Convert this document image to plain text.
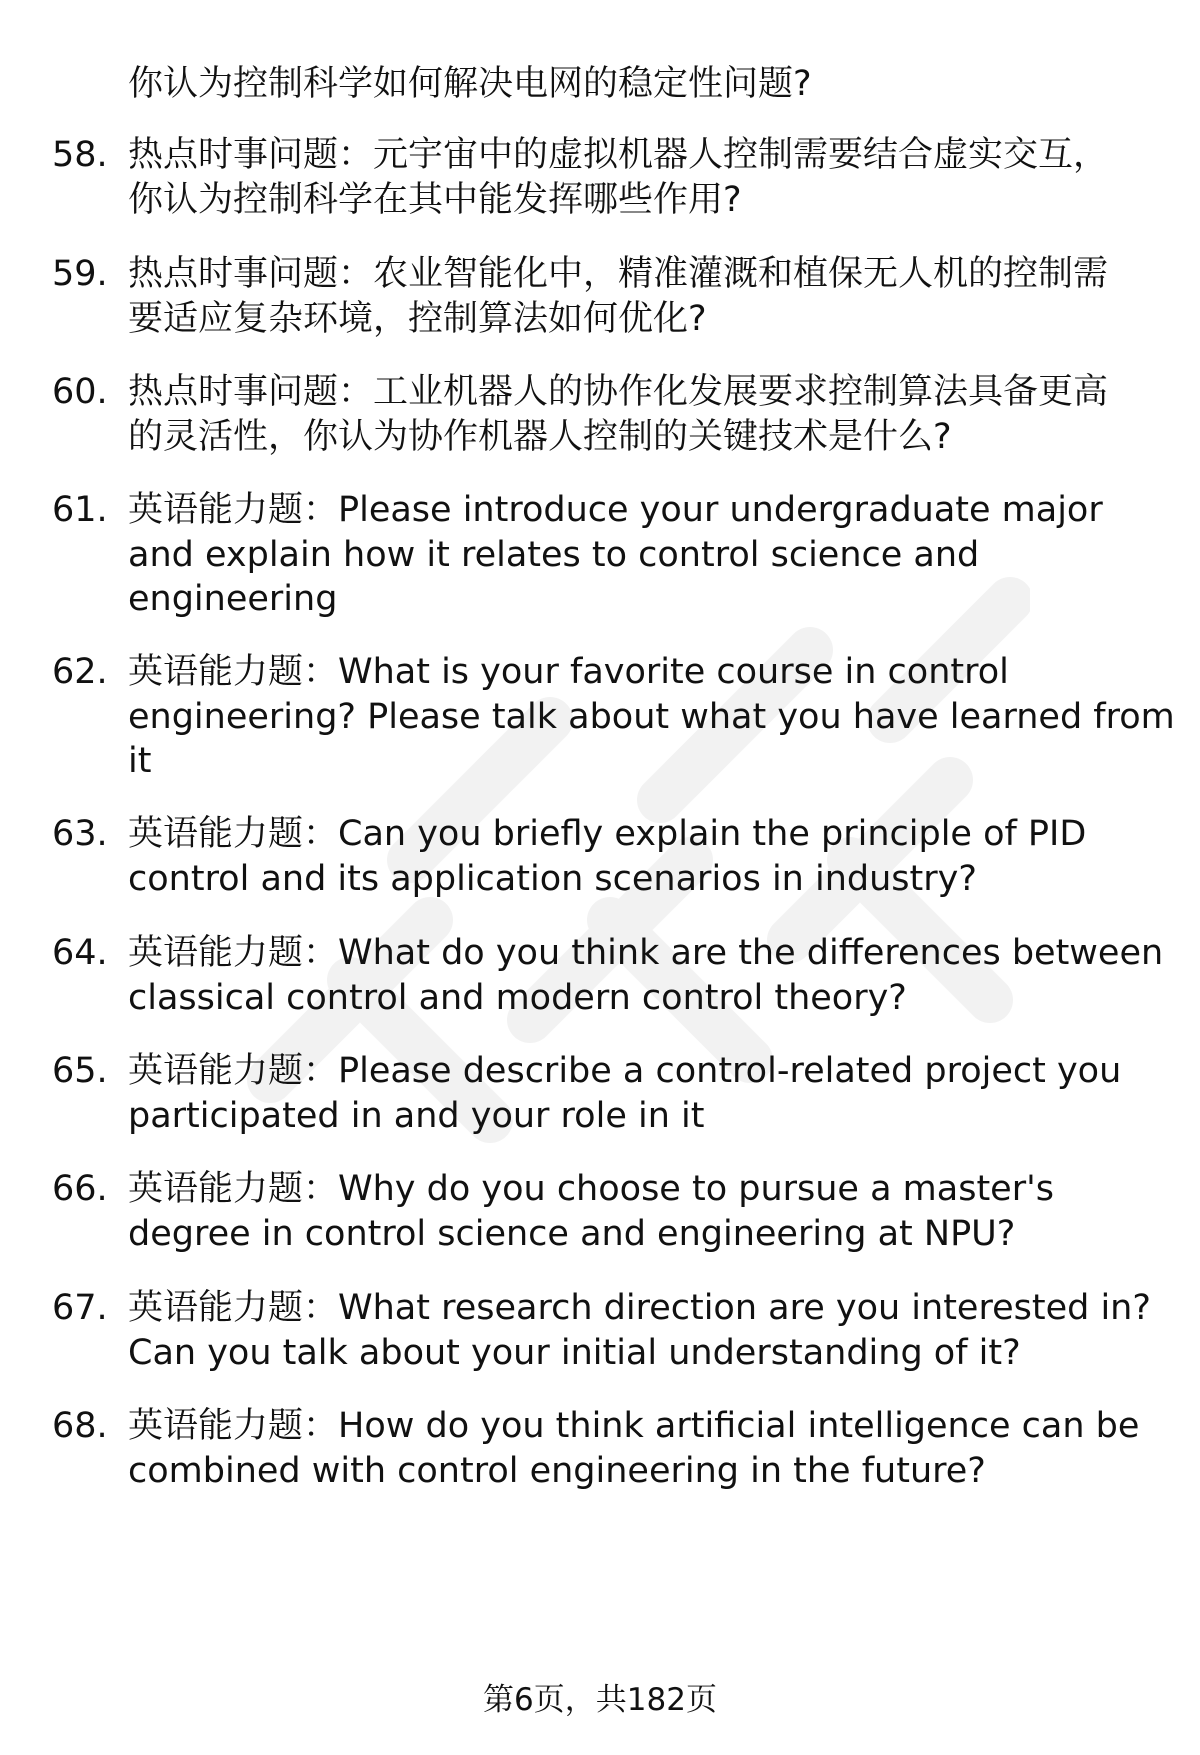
你认为控制科学如何解决电网的稳定性问题?
58. 热点时事问题：元宇宙中的虚拟机器人控制需要结合虚实交互，
你认为控制科学在其中能发挥哪些作用?
59. 热点时事问题：农业智能化中，精准灌溉和植保无人机的控制需
要适应复杂环境，控制算法如何优化?
60. 热点时事问题：工业机器人的协作化发展要求控制算法具备更高
的灵活性，你认为协作机器人控制的关键技术是什么?
61. 英语能力题：Please introduce your undergraduate major
and explain how it relates to control science and
engineering
62. 英语能力题：What is your favorite course in control
engineering? Please talk about what you have learned from
it
63. 英语能力题：Can you briefly explain the principle of PID
control and its application scenarios in industry?
64. 英语能力题：What do you think are the differences between
classical control and modern control theory?
65. 英语能力题：Please describe a control-related project you
participated in and your role in it
66. 英语能力题：Why do you choose to pursue a master's
degree in control science and engineering at NPU?
67. 英语能力题：What research direction are you interested in?
Can you talk about your initial understanding of it?
68. 英语能力题：How do you think artificial intelligence can be
combined with control engineering in the future?
第6页，共182页
